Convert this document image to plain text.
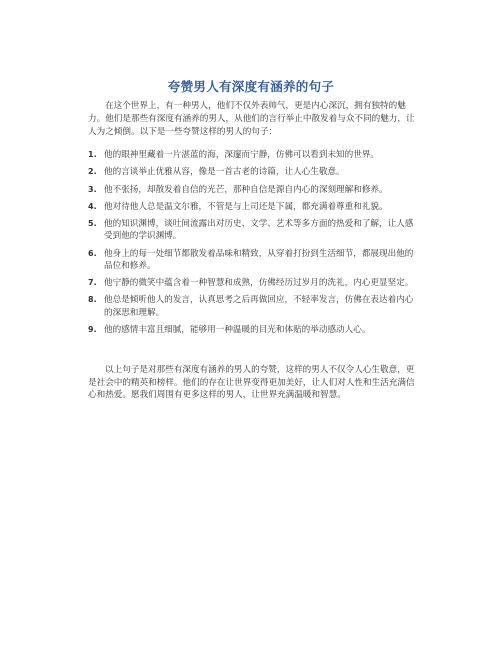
夸赞男人有深度有涵养的句子

在这个世界上，有一种男人，他们不仅外表帅气，更是内心深沉，拥有独特的魅力。他们是那些有深度有涵养的男人，从他们的言行举止中散发着与众不同的魅力，让人为之倾倒。以下是一些夸赞这样的男人的句子：

1. 他的眼神里藏着一片湛蓝的海，深邃而宁静，仿佛可以看到未知的世界。
2. 他的言谈举止优雅从容，像是一首古老的诗篇，让人心生敬意。
3. 他不张扬，却散发着自信的光芒，那种自信是源自内心的深刻理解和修养。
4. 他对待他人总是温文尔雅，不管是与上司还是下属，都充满着尊重和礼貌。
5. 他的知识渊博，谈吐间流露出对历史、文学、艺术等多方面的热爱和了解，让人感受到他的学识渊博。
6. 他身上的每一处细节都散发着品味和精致，从穿着打扮到生活细节，都展现出他的品位和修养。
7. 他宁静的微笑中蕴含着一种智慧和成熟，仿佛经历过岁月的洗礼，内心更显坚定。
8. 他总是倾听他人的发言，认真思考之后再做回应，不轻率发言，仿佛在表达着内心的深思和理解。
9. 他的感情丰富且细腻，能够用一种温暖的目光和体贴的举动感动人心。

以上句子是对那些有深度有涵养的男人的夸赞，这样的男人不仅令人心生敬意，更是社会中的精英和榜样。他们的存在让世界变得更加美好，让人们对人性和生活充满信心和热爱。愿我们周围有更多这样的男人，让世界充满温暖和智慧。
